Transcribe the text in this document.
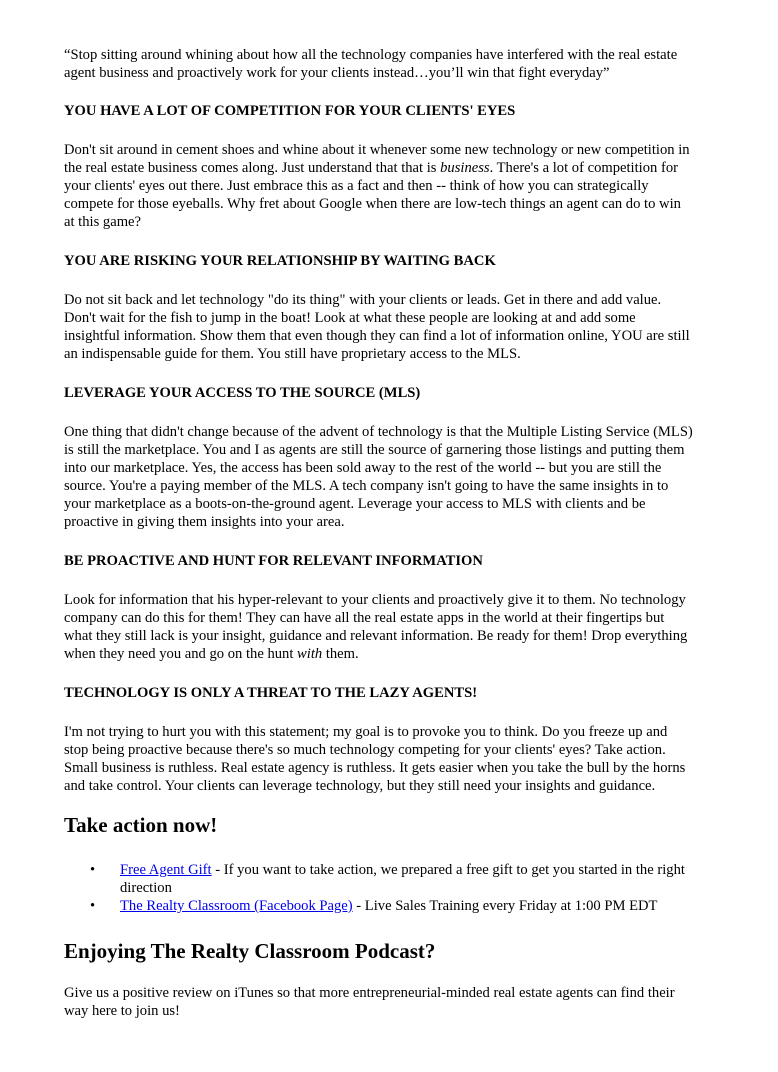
“Stop sitting around whining about how all the technology companies have interfered with the real estate
agent business and proactively work for your clients instead…you’ll win that fight everyday”

YOU HAVE A LOT OF COMPETITION FOR YOUR CLIENTS' EYES

Don't sit around in cement shoes and whine about it whenever some new technology or new competition in
the real estate business comes along. Just understand that that is business. There's a lot of competition for
your clients' eyes out there. Just embrace this as a fact and then -- think of how you can strategically
compete for those eyeballs. Why fret about Google when there are low-tech things an agent can do to win
at this game?

YOU ARE RISKING YOUR RELATIONSHIP BY WAITING BACK

Do not sit back and let technology "do its thing" with your clients or leads. Get in there and add value.
Don't wait for the fish to jump in the boat! Look at what these people are looking at and add some
insightful information. Show them that even though they can find a lot of information online, YOU are still
an indispensable guide for them. You still have proprietary access to the MLS.

LEVERAGE YOUR ACCESS TO THE SOURCE (MLS)

One thing that didn't change because of the advent of technology is that the Multiple Listing Service (MLS)
is still the marketplace. You and I as agents are still the source of garnering those listings and putting them
into our marketplace. Yes, the access has been sold away to the rest of the world -- but you are still the
source. You're a paying member of the MLS. A tech company isn't going to have the same insights in to
your marketplace as a boots-on-the-ground agent. Leverage your access to MLS with clients and be
proactive in giving them insights into your area.

BE PROACTIVE AND HUNT FOR RELEVANT INFORMATION

Look for information that his hyper-relevant to your clients and proactively give it to them. No technology
company can do this for them! They can have all the real estate apps in the world at their fingertips but
what they still lack is your insight, guidance and relevant information. Be ready for them! Drop everything
when they need you and go on the hunt with them.

TECHNOLOGY IS ONLY A THREAT TO THE LAZY AGENTS!

I'm not trying to hurt you with this statement; my goal is to provoke you to think. Do you freeze up and
stop being proactive because there's so much technology competing for your clients' eyes? Take action.
Small business is ruthless. Real estate agency is ruthless. It gets easier when you take the bull by the horns
and take control. Your clients can leverage technology, but they still need your insights and guidance.

Take action now!
• Free Agent Gift - If you want to take action, we prepared a free gift to get you started in the right
direction
• The Realty Classroom (Facebook Page) - Live Sales Training every Friday at 1:00 PM EDT
Enjoying The Realty Classroom Podcast?

Give us a positive review on iTunes so that more entrepreneurial-minded real estate agents can find their
way here to join us!
